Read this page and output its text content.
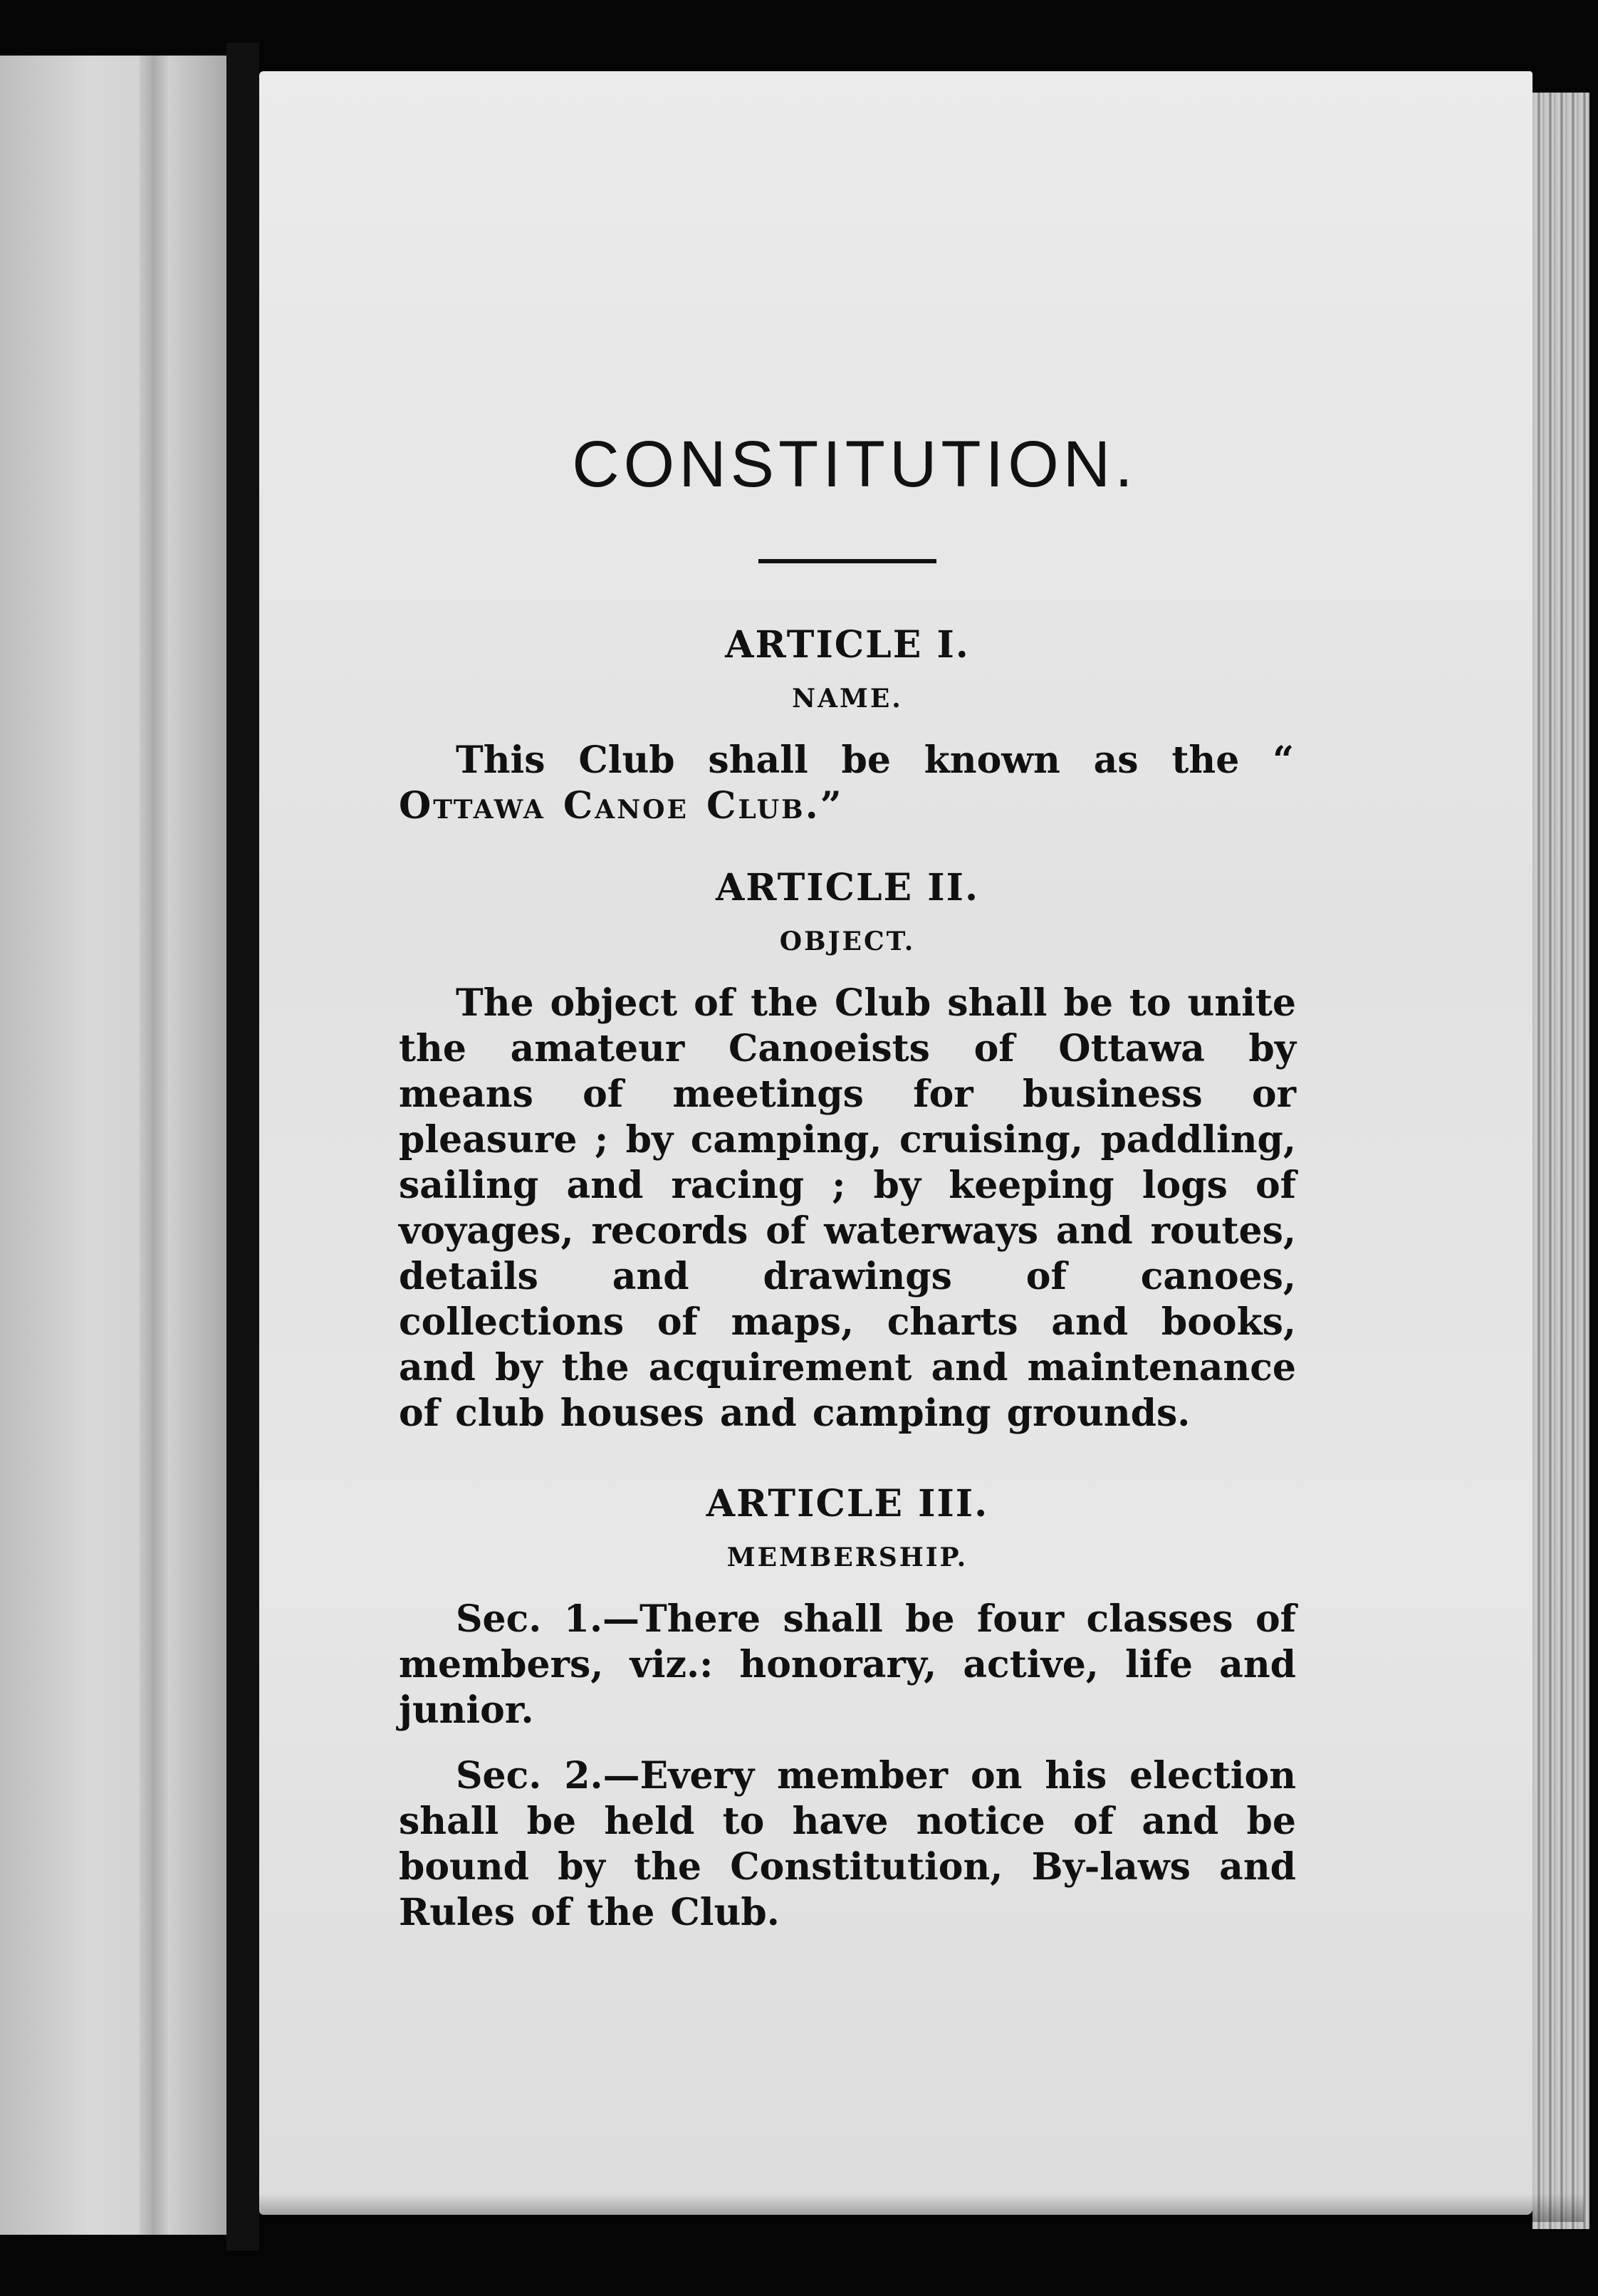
CONSTITUTION.
ARTICLE I.
NAME.

This Club shall be known as the “ Ottawa Canoe Club.”

ARTICLE II.
OBJECT.

The object of the Club shall be to unite the amateur Canoeists of Ottawa by means of meetings for business or pleasure ; by camping, cruising, paddling, sailing and racing ; by keeping logs of voyages, records of waterways and routes, details and drawings of canoes, collections of maps, charts and books, and by the acquirement and maintenance of club houses and camping grounds.

ARTICLE III.
MEMBERSHIP.

Sec. 1.—There shall be four classes of members, viz.: honorary, active, life and junior.

Sec. 2.—Every member on his election shall be held to have notice of and be bound by the Constitution, By-laws and Rules of the Club.
